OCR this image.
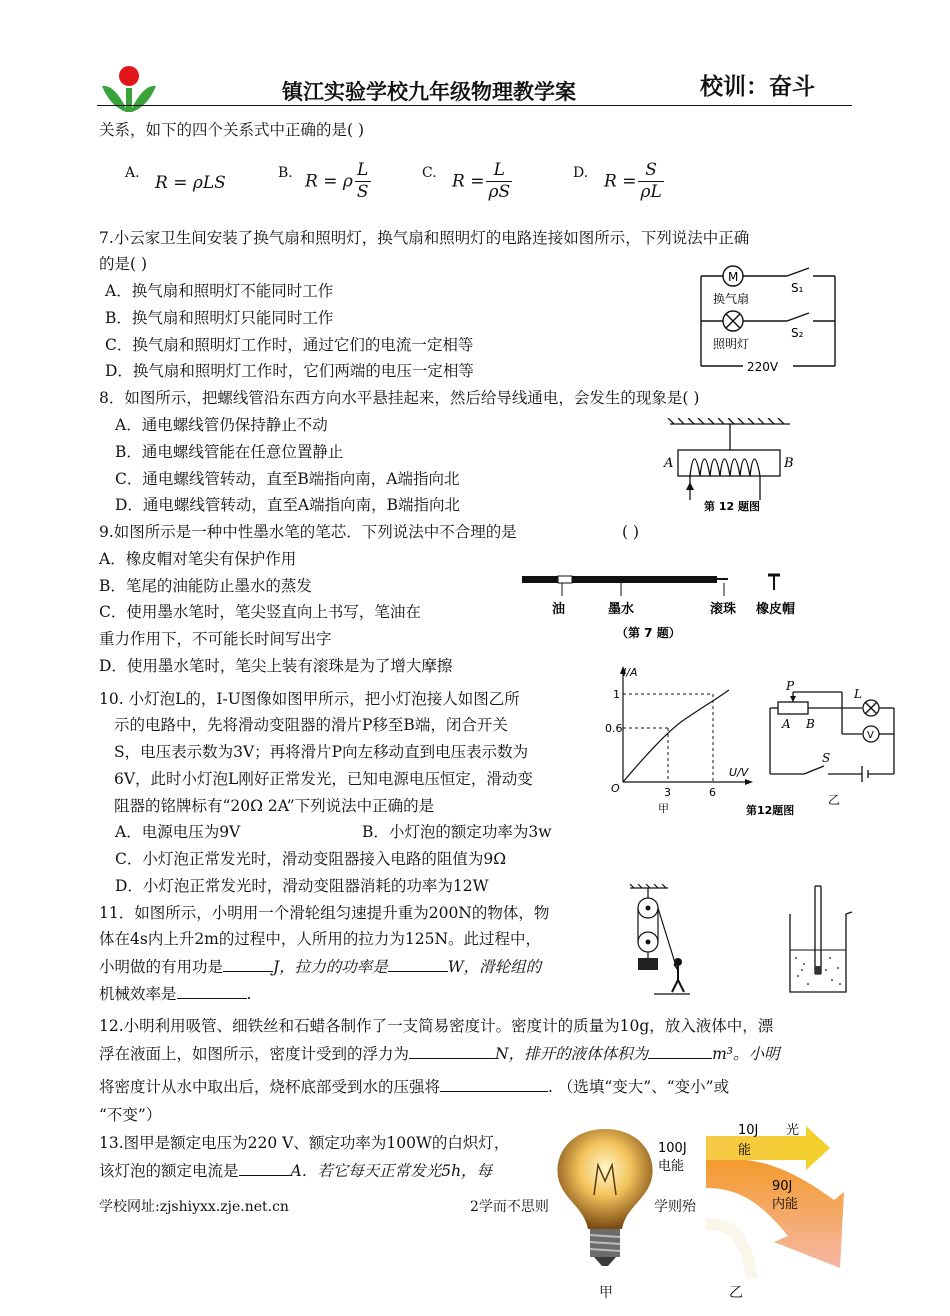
镇江实验学校九年级物理教学案	校训：奋斗
关系，如下的四个关系式中正确的是( )
A. R = ρLS	B. R = ρ $\frac{L}{S}$	C. $R = \frac{L}{\rho S}$	D. $R = \frac{S}{\rho L}$
7.小云家卫生间安装了换气扇和照明灯，换气扇和照明灯的电路连接如图所示，下列说法中正确
的是( )
A．换气扇和照明灯不能同时工作
B．换气扇和照明灯只能同时工作
C．换气扇和照明灯工作时，通过它们的电流一定相等
D．换气扇和照明灯工作时，它们两端的电压一定相等
M
换气扇
照明灯
S₁
S₂
220V
8．如图所示，把螺线管沿东西方向水平悬挂起来，然后给导线通电，会发生的现象是( )
A．通电螺线管仍保持静止不动
B．通电螺线管能在任意位置静止
C．通电螺线管转动，直至B端指向南，A端指向北
D．通电螺线管转动，直至A端指向南，B端指向北
A	B
第 12 题图
9.如图所示是一种中性墨水笔的笔芯．下列说法中不合理的是	( )
A．橡皮帽对笔尖有保护作用
B．笔尾的油能防止墨水的蒸发
C．使用墨水笔时，笔尖竖直向上书写，笔油在
重力作用下，不可能长时间写出字
D．使用墨水笔时，笔尖上装有滚珠是为了增大摩擦
油	墨水	滚珠 橡皮帽
（第 7 题）
10. 小灯泡L的，I-U图像如图甲所示，把小灯泡接人如图乙所
示的电路中，先将滑动变阻器的滑片P移至B端，闭合开关
S，电压表示数为3V；再将滑片P向左移动直到电压表示数为
6V，此时小灯泡L刚好正常发光，已知电源电压恒定，滑动变
阻器的铭牌标有“20Ω 2A”下列说法中正确的是
A．电源电压为9V	B．小灯泡的额定功率为3w
C．小灯泡正常发光时，滑动变阻器接入电路的阻值为9Ω
D．小灯泡正常发光时，滑动变阻器消耗的功率为12W
I/A
U/V
O
1
0.6
3	6
甲
P
A B
L
V
S
第12题图
乙
11．如图所示，小明用一个滑轮组匀速提升重为200N的物体，物
体在4s内上升2m的过程中，人所用的拉力为125N。此过程中，
小明做的有用功是	J，拉力的功率是	W，滑轮组的
机械效率是	.
12.小明利用吸管、细铁丝和石蜡各制作了一支简易密度计。密度计的质量为10g，放入液体中，漂
浮在液面上，如图所示，密度计受到的浮力为	N，排开的液体体积为	m³。小明
将密度计从水中取出后，烧杯底部受到水的压强将	. （选填“变大”、“变小”或
“不变”）
13.图甲是额定电压为220 V、额定功率为100W的白炽灯，
该灯泡的额定电流是	A．若它每天正常发光5h，每
100J
电能
10J 光
能
90J
内能
甲	乙
学校网址:zjshiyxx.zje.net.cn	2学而不思则	学则殆
